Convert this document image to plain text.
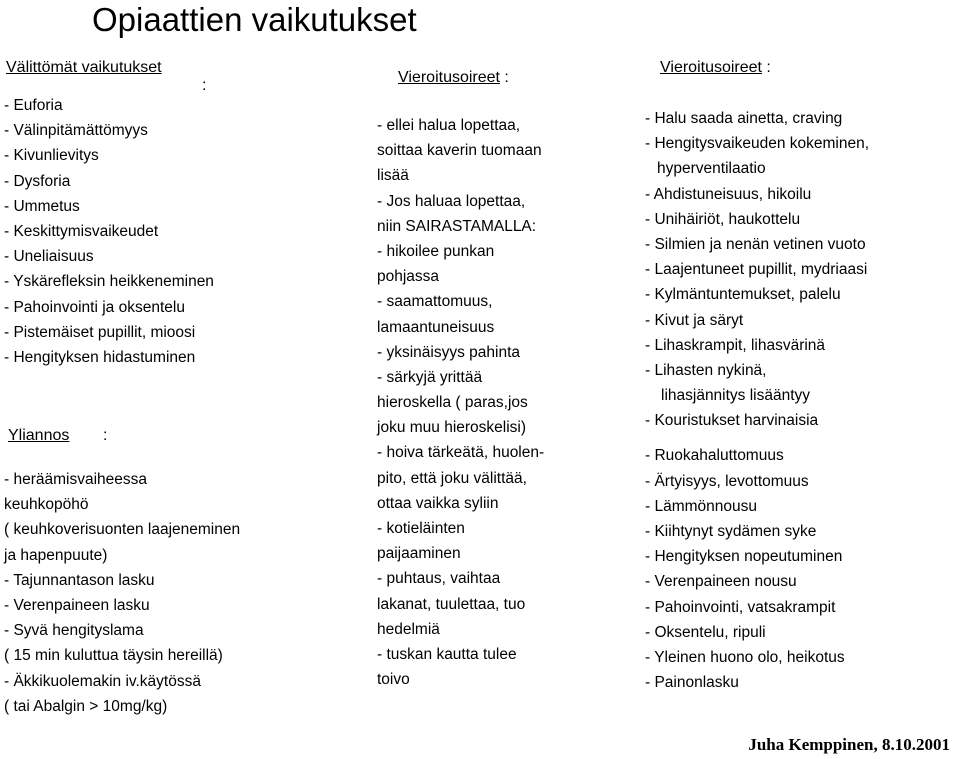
Opiaattien vaikutukset
Välittömät vaikutukset
:
- Euforia
- Välinpitämättömyys
- Kivunlievitys
- Dysforia
- Ummetus
- Keskittymisvaikeudet
- Uneliaisuus
- Yskärefleksin heikkeneminen
- Pahoinvointi ja oksentelu
- Pistemäiset pupillit, mioosi
- Hengityksen hidastuminen
Yliannos :
- heräämisvaiheessa
keuhkopöhö
( keuhkoverisuonten laajeneminen
ja hapenpuute)
- Tajunnantason lasku
- Verenpaineen lasku
- Syvä hengityslama
( 15 min kuluttua täysin hereillä)
- Äkkikuolemakin iv.käytössä
( tai Abalgin > 10mg/kg)
Vieroitusoireet :
- ellei halua lopettaa,
soittaa kaverin tuomaan
lisää
- Jos haluaa lopettaa,
niin SAIRASTAMALLA:
- hikoilee punkan
pohjassa
- saamattomuus,
lamaantuneisuus
- yksinäisyys pahinta
- särkyjä yrittää
hieroskella ( paras,jos
joku muu hieroskelisi)
- hoiva tärkeätä, huolen-
pito, että joku välittää,
ottaa vaikka syliin
- kotieläinten
paijaaminen
- puhtaus, vaihtaa
lakanat, tuulettaa, tuo
hedelmiä
- tuskan kautta tulee
toivo
Vieroitusoireet :
- Halu saada ainetta, craving
- Hengitysvaikeuden kokeminen,
hyperventilaatio
- Ahdistuneisuus, hikoilu
- Unihäiriöt, haukottelu
- Silmien ja nenän vetinen vuoto
- Laajentuneet pupillit, mydriaasi
- Kylmäntuntemukset, palelu
- Kivut ja säryt
- Lihaskrampit, lihasvärinä
- Lihasten nykinä,
lihasjännitys lisääntyy
- Kouristukset harvinaisia
- Ruokahaluttomuus
- Ärtyisyys, levottomuus
- Lämmönnousu
- Kiihtynyt sydämen syke
- Hengityksen nopeutuminen
- Verenpaineen nousu
- Pahoinvointi, vatsakrampit
- Oksentelu, ripuli
- Yleinen huono olo, heikotus
- Painonlasku
Juha Kemppinen, 8.10.2001
